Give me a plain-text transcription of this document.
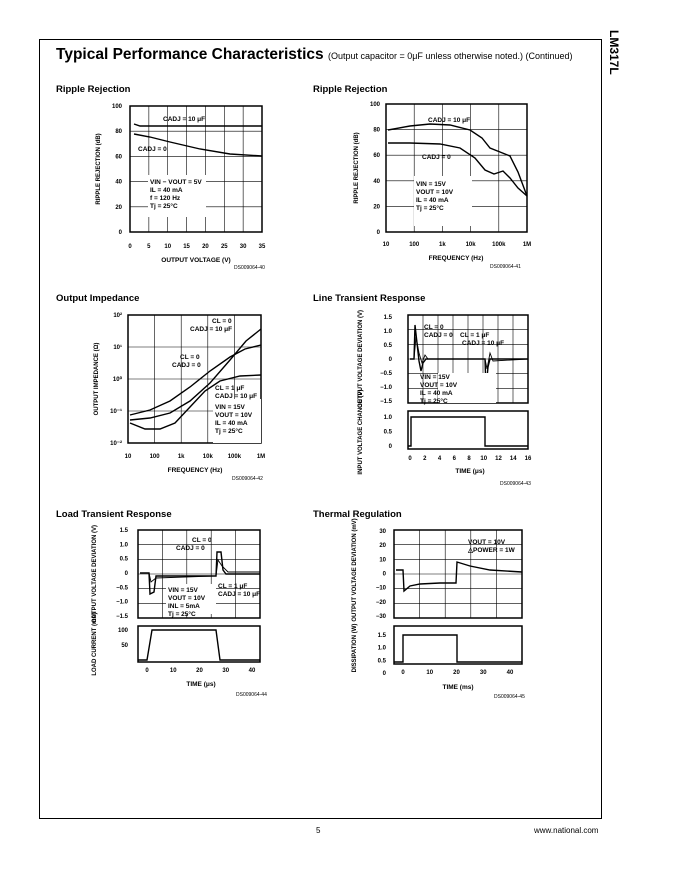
LM317L
Typical Performance Characteristics (Output capacitor = 0μF unless otherwise noted.) (Continued)
Ripple Rejection	Ripple Rejection
Output Impedance	Line Transient Response
Load Transient Response	Thermal Regulation
CADJ = 10 μF
CADJ = 0
VIN − VOUT = 5V
IL = 40 mA
f = 120 Hz
Tj = 25°C
0	5 10 15 20 25 30 35
100
80
60
40
20
0
OUTPUT VOLTAGE (V)
RIPPLE REJECTION (dB)
DS009064-40
CADJ = 10 μF
CADJ = 0
VIN = 15V
VOUT = 10V
IL = 40 mA
Tj = 25°C
10	100	1k	10k	100k	1M
100
80
60
40
20
0
FREQUENCY (Hz)
RIPPLE REJECTION (dB)
DS009064-41
CL = 0
CADJ = 10 μF
CL = 0
CADJ = 0
CL = 1 μF
CADJ = 10 μF
VIN = 15V
VOUT = 10V
IL = 40 mA
Tj = 25°C
10	100	1k	10k 100k	1M
10²
10¹
10⁰
10⁻¹
10⁻²
FREQUENCY (Hz)
OUTPUT IMPEDANCE (Ω)
DS009064-42
CL = 0
CADJ = 0 CL = 1 μF
CADJ = 10 μF
VIN = 15V
VOUT = 10V
IL = 40 mA
Tj = 25°C
0 2 4 6 8 10 12 14 16
1.5
1.0
0.5
0
−0.5
−1.0
−1.5
1.0
0.5
0
TIME (μs)
OUTPUT VOLTAGE DEVIATION (V)
INPUT VOLTAGE CHANGE (V)
DS009064-43
CL = 0
CADJ = 0
CL = 1 μF
CADJ = 10 μF
VIN = 15V
VOUT = 10V
INL = 5mA
Tj = 25°C
0	10	20	30	40
1.5
1.0
0.5
0
−0.5
−1.0
−1.5
100
50
TIME (μs)
OUTPUT VOLTAGE DEVIATION (V)
LOAD CURRENT (mA)
DS009064-44
VOUT = 10V
△POWER = 1W
0	10	20	30	40
30
20
10
0
−10
−20
−30
1.5
1.0
0.5
0
TIME (ms)
OUTPUT VOLTAGE DEVIATION (mV)
DISSIPATION (W)
DS009064-45
5	www.national.com
